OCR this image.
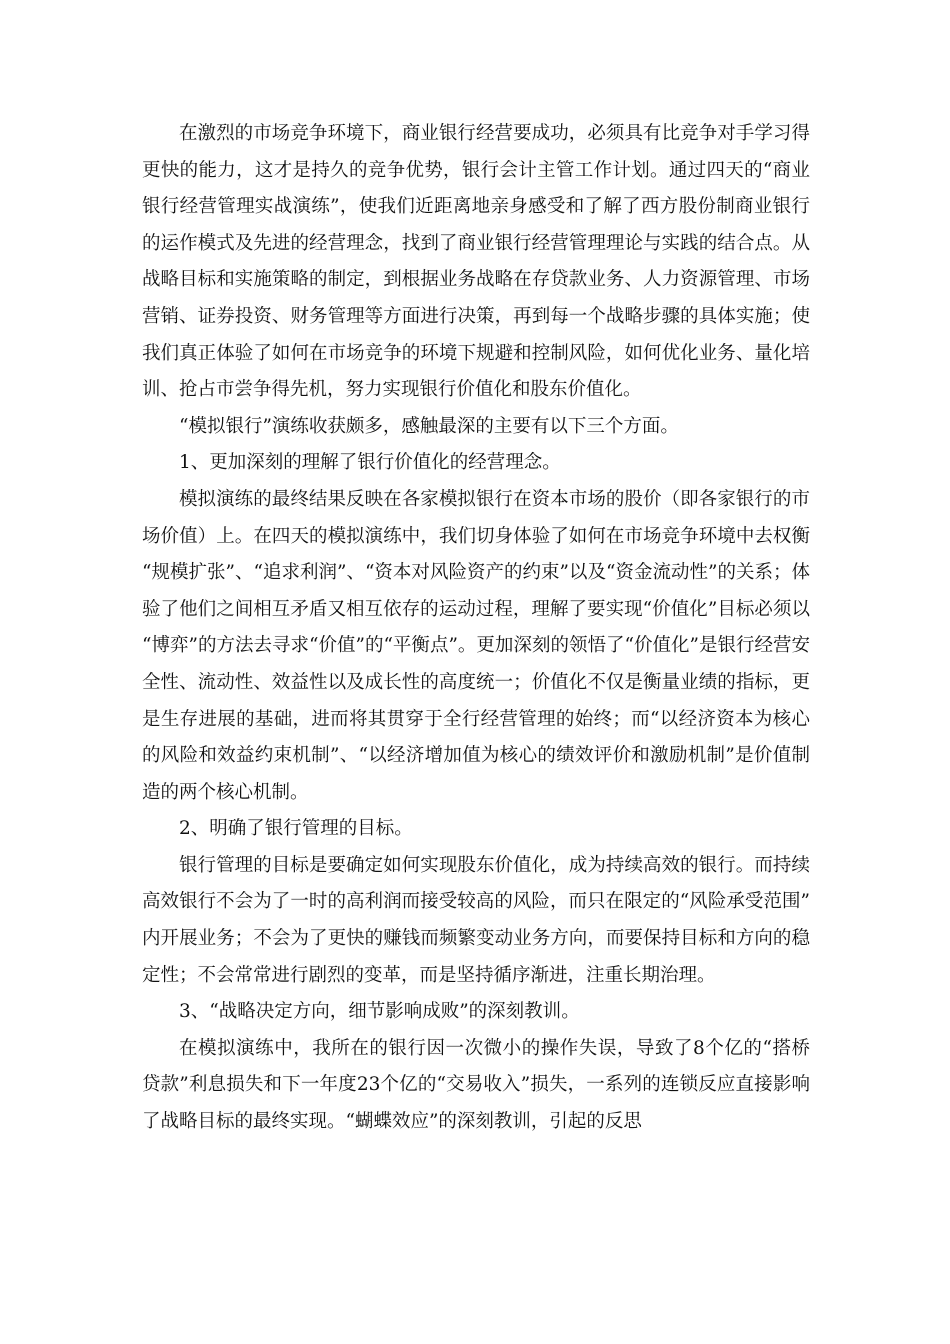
在激烈的市场竞争环境下，商业银行经营要成功，必须具有比竞争对手学习得更快的能力，这才是持久的竞争优势，银行会计主管工作计划。通过四天的“商业银行经营管理实战演练”，使我们近距离地亲身感受和了解了西方股份制商业银行的运作模式及先进的经营理念，找到了商业银行经营管理理论与实践的结合点。从战略目标和实施策略的制定，到根据业务战略在存贷款业务、人力资源管理、市场营销、证券投资、财务管理等方面进行决策，再到每一个战略步骤的具体实施；使我们真正体验了如何在市场竞争的环境下规避和控制风险，如何优化业务、量化培训、抢占市尝争得先机，努力实现银行价值化和股东价值化。

“模拟银行”演练收获颇多，感触最深的主要有以下三个方面。

1、更加深刻的理解了银行价值化的经营理念。

模拟演练的最终结果反映在各家模拟银行在资本市场的股价（即各家银行的市场价值）上。在四天的模拟演练中，我们切身体验了如何在市场竞争环境中去权衡“规模扩张”、“追求利润”、“资本对风险资产的约束”以及“资金流动性”的关系；体验了他们之间相互矛盾又相互依存的运动过程，理解了要实现“价值化”目标必须以“博弈”的方法去寻求“价值”的“平衡点”。更加深刻的领悟了“价值化”是银行经营安全性、流动性、效益性以及成长性的高度统一；价值化不仅是衡量业绩的指标，更是生存进展的基础，进而将其贯穿于全行经营管理的始终；而“以经济资本为核心的风险和效益约束机制”、“以经济增加值为核心的绩效评价和激励机制”是价值制造的两个核心机制。

2、明确了银行管理的目标。

银行管理的目标是要确定如何实现股东价值化，成为持续高效的银行。而持续高效银行不会为了一时的高利润而接受较高的风险，而只在限定的“风险承受范围”内开展业务；不会为了更快的赚钱而频繁变动业务方向，而要保持目标和方向的稳定性；不会常常进行剧烈的变革，而是坚持循序渐进，注重长期治理。

3、“战略决定方向，细节影响成败”的深刻教训。

在模拟演练中，我所在的银行因一次微小的操作失误，导致了8个亿的“搭桥贷款”利息损失和下一年度23个亿的“交易收入”损失，一系列的连锁反应直接影响了战略目标的最终实现。“蝴蝶效应”的深刻教训，引起的反思
